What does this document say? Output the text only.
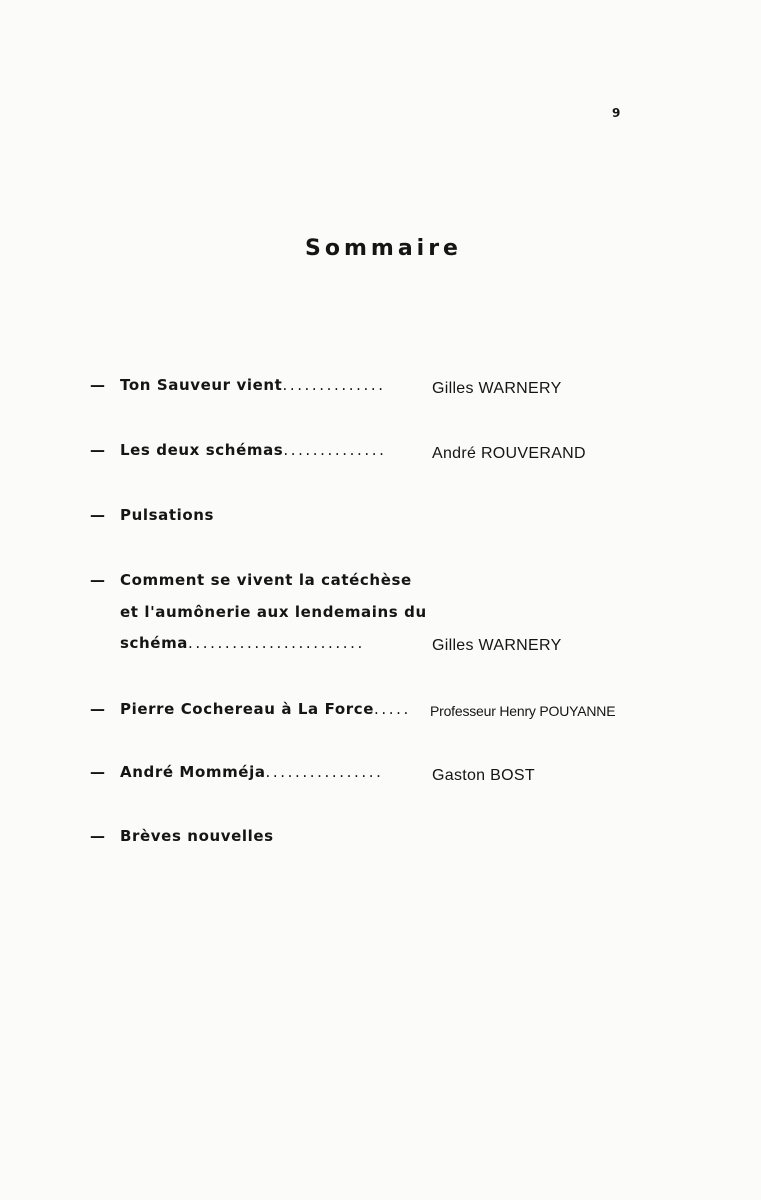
9
Sommaire
— Ton Sauveur vient..............	Gilles WARNERY
— Les deux schémas..............	André ROUVERAND
— Pulsations
— Comment se vivent la catéchèse
et l'aumônerie aux lendemains du
schéma........................	Gilles WARNERY
— Pierre Cochereau à La Force..... Professeur Henry POUYANNE
— André Momméja................	Gaston BOST
— Brèves nouvelles
